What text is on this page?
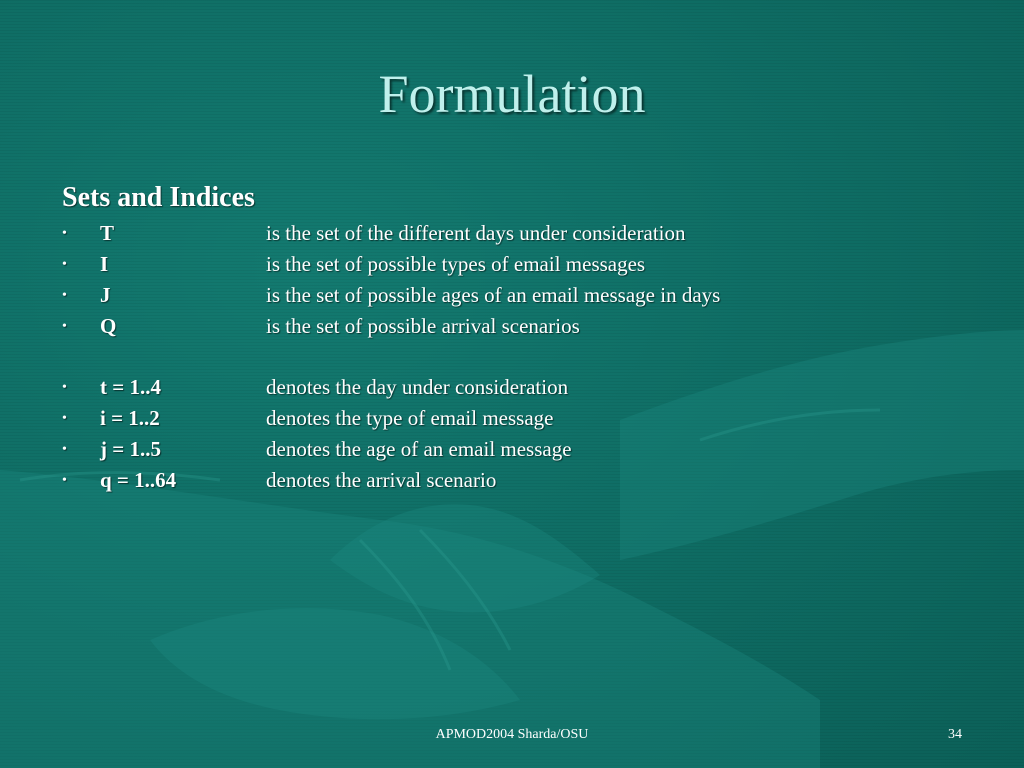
Formulation
Sets and Indices
• T	is the set of the different days under consideration
• I	is the set of possible types of email messages
• J	is the set of possible ages of an email message in days
• Q	is the set of possible arrival scenarios
• t = 1..4	denotes the day under consideration
• i = 1..2	denotes the type of email message
• j = 1..5	denotes the age of an email message
• q = 1..64	denotes the arrival scenario
APMOD2004 Sharda/OSU	34
